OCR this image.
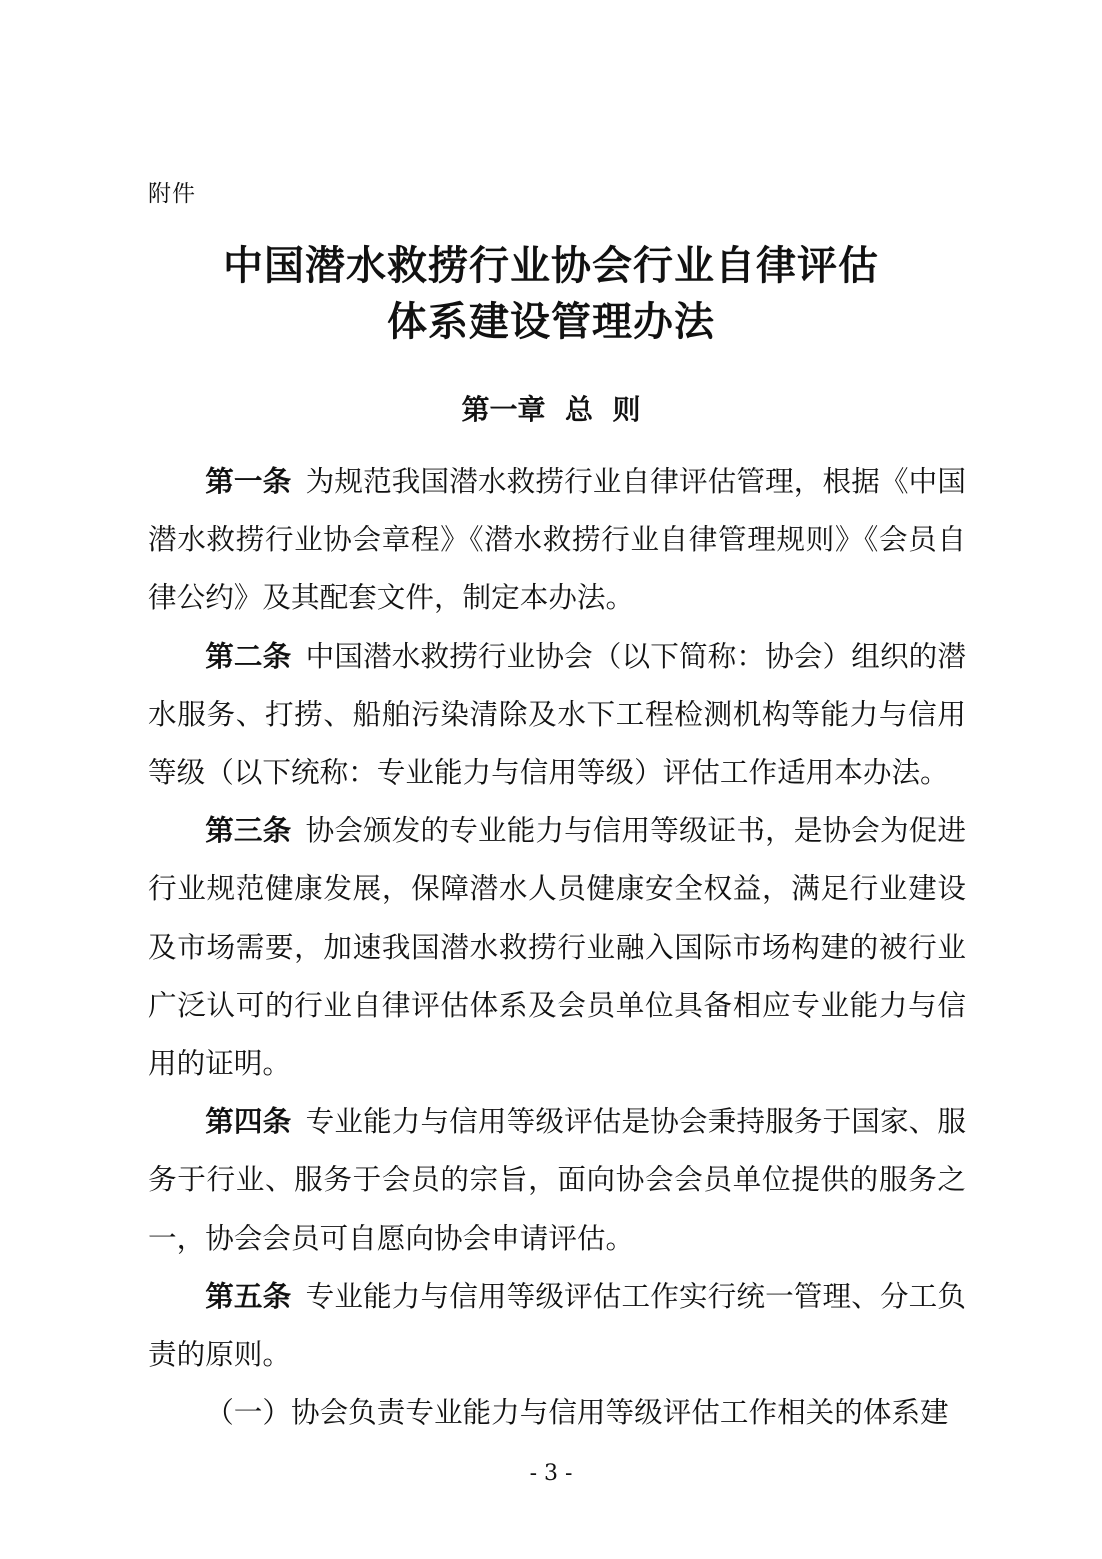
附件
中国潜水救捞行业协会行业自律评估
体系建设管理办法
第一章  总  则

第一条 为规范我国潜水救捞行业自律评估管理，根据《中国潜水救捞行业协会章程》《潜水救捞行业自律管理规则》《会员自律公约》及其配套文件，制定本办法。

第二条 中国潜水救捞行业协会（以下简称：协会）组织的潜水服务、打捞、船舶污染清除及水下工程检测机构等能力与信用等级（以下统称：专业能力与信用等级）评估工作适用本办法。

第三条 协会颁发的专业能力与信用等级证书，是协会为促进行业规范健康发展，保障潜水人员健康安全权益，满足行业建设及市场需要，加速我国潜水救捞行业融入国际市场构建的被行业广泛认可的行业自律评估体系及会员单位具备相应专业能力与信用的证明。

第四条 专业能力与信用等级评估是协会秉持服务于国家、服务于行业、服务于会员的宗旨，面向协会会员单位提供的服务之一，协会会员可自愿向协会申请评估。

第五条 专业能力与信用等级评估工作实行统一管理、分工负责的原则。

（一）协会负责专业能力与信用等级评估工作相关的体系建

- 3 -
